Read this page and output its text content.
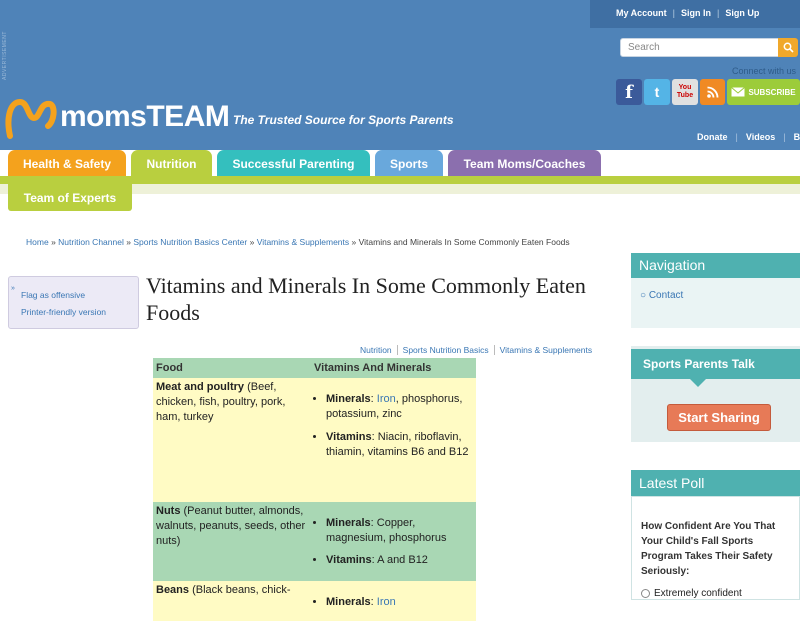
ADVERTISEMENT
My Account | Sign In | Sign Up
Search
Connect with us
f	t	You
Tube	SUBSCRIBE
momsTEAM The Trusted Source for Sports Parents
Donate | Videos | Blo
Health & Safety	Nutrition	Successful Parenting	Sports	Team Moms/Coaches
Team of Experts
Home » Nutrition Channel » Sports Nutrition Basics Center » Vitamins & Supplements » Vitamins and Minerals In Some Commonly Eaten Foods
»
Flag as offensive
Printer-friendly version
Vitamins and Minerals In Some Commonly Eaten Foods
Nutrition	Sports Nutrition Basics	Vitamins & Supplements
Food	Vitamins And Minerals
Meat and poultry (Beef, chicken, fish, poultry, pork, ham, turkey
• Minerals: Iron, phosphorus, potassium, zinc
• Vitamins: Niacin, riboflavin, thiamin, vitamins B6 and B12
Nuts (Peanut butter, almonds, walnuts, peanuts, seeds, other nuts)
• Minerals: Copper, magnesium, phosphorus
• Vitamins: A and B12
Beans (Black beans, chick-
• Minerals: Iron
Navigation
○ Contact
Sports Parents Talk
Start Sharing
Latest Poll
How Confident Are You That Your Child's Fall Sports Program Takes Their Safety Seriously:
Extremely confident
